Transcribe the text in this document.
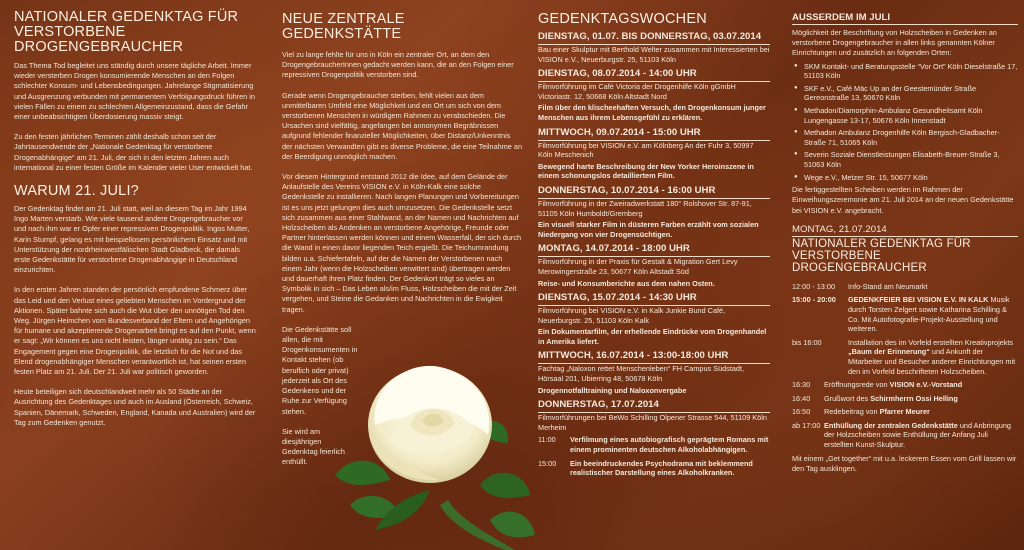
NATIONALER GEDENKTAG FÜR VERSTORBENE DROGENGEBRAUCHER

Das Thema Tod begleitet uns ständig durch unsere tägliche Arbeit. Immer wieder versterben Drogen konsumierende Menschen an den Folgen schlechter Konsum- und Lebensbedingungen. Jahrelange Stigmatisierung und Ausgrenzung verbunden mit permanentem Verfolgungsdruck führen in vielen Fällen zu einem zu schlechten Allgemeinzustand, dass die Gefahr einer unbeabsichtigten Überdosierung massiv steigt.

Zu den festen jährlichen Terminen zählt deshalb schon seit der Jahrtausendwende der „Nationale Gedenktag für verstorbene Drogenabhängige“ am 21. Juli, der sich in den letzten Jahren auch international zu einer festen Größe im Kalender vieler User entwickelt hat.

WARUM 21. JULI?

Der Gedenktag findet am 21. Juli statt, weil an diesem Tag im Jahr 1994 Ingo Marten verstarb. Wie viele tausend andere Drogengebraucher vor und nach ihm war er Opfer einer repressiven Drogenpolitik. Ingos Mutter, Karin Stumpf, gelang es mit beispiellosem persönlichem Einsatz und mit Unterstützung der nordrheinwestfälischen Stadt Gladbeck, die damals erste Gedenkstätte für verstorbene Drogenabhängige in Deutschland einzurichten.

In den ersten Jahren standen der persönlich empfundene Schmerz über das Leid und den Verlust eines geliebten Menschen im Vordergrund der Aktionen. Später bahnte sich auch die Wut über den unnötigen Tod den Weg. Jürgen Heimchen vom Bundesverband der Eltern und Angehörigen für humane und akzeptierende Drogenarbeit bringt es auf den Punkt, wenn er sagt: „Wir können es uns nicht leisten, länger untätig zu sein.“ Das Engagement gegen eine Drogenpolitik, die letztlich für die Not und das Elend drogenabhängiger Menschen verantwortlich ist, hat seinen ersten festen Platz am 21. Juli. Der 21. Juli war politisch geworden.

Heute beteiligen sich deutschlandweit mehr als 50 Städte an der Ausrichtung des Gedenktages und auch im Ausland (Österreich, Schweiz, Spanien, Dänemark, Schweden, England, Kanada und Australien) wird der Tag zum Gedenken genutzt.

NEUE ZENTRALE GEDENKSTÄTTE

Viel zu lange fehlte für uns in Köln ein zentraler Ort, an dem den DrogengebraucherInnen gedacht werden kann, die an den Folgen einer repressiven Drogenpolitik verstorben sind.

Gerade wenn Drogengebraucher sterben, fehlt vielen aus dem unmittelbaren Umfeld eine Möglichkeit und ein Ort um sich von dem verstorbenen Menschen in würdigem Rahmen zu verabschieden. Die Ursachen sind vielfältig, angefangen bei annonymen Begräbnissen aufgrund fehlender finanzieller Möglichkeiten, über Distanz/Unkenntnis der nächsten Verwandten gibt es diverse Probleme, die eine Teilnahme an der Beerdigung unmöglich machen.

Vor diesem Hintergrund entstand 2012 die Idee, auf dem Gelände der Anlaufstelle des Vereins VISION e.V. in Köln-Kalk eine solche Gedenkstelle zu installieren. Nach langen Planungen und Vorbereitungen ist es uns jetzt gelungen dies auch umzusetzen. Die Gedenkstelle setzt sich zusammen aus einer Stahlwand, an der Namen und Nachrichten auf Holzscheiben als Andenken an verstorbene Angehörige, Freunde oder Partner hinterlassen werden können und einem Wasserfall, der sich durch die Wand in einen davor liegenden Teich ergießt. Die Teichumrandung bilden u.a. Schiefertafeln, auf der die Namen der Verstorbenen nach einem Jahr (wenn die Holzscheiben verwittert sind) übertragen werden und dauerhaft ihren Platz finden. Der Gedenkort trägt so vieles an Symbolik in sich – Das Leben als/im Fluss, Holzscheiben die mit der Zeit vergehen, und Steine die Gedanken und Nachrichten in die Ewigkeit tragen.

Die Gedenkstätte soll allen, die mit Drogenkonsumenten in Kontakt stehen (ob beruflich oder privat) jederzeit als Ort des Gedenkens und der Ruhe zur Verfügung stehen.

Sie wird am diesjährigen Gedenktag feierlich enthüllt.

GEDENKTAGSWOCHEN
DIENSTAG, 01.07. BIS DONNERSTAG, 03.07.2014
Bau einer Skulptur mit Berthold Welter zusammen mit Interessierten bei VISION e.V., Neuerburgstr. 25, 51103 Köln
DIENSTAG, 08.07.2014 - 14:00 UHR
Filmvorführung im Café Victoria der Drogenhilfe Köln gGmbH Victoriastr. 12, 50668 Köln Altstadt Nord
Film über den klischeehaften Versuch, den Drogenkonsum junger Menschen aus ihrem Lebensgefühl zu erklären.
MITTWOCH, 09.07.2014 - 15:00 UHR
Filmvorführung bei VISION e.V. am Kölnberg An der Fuhr 3, 50997 Köln Meschenich
Bewegend harte Beschreibung der New Yorker Heroinszene in einem schonungslos detailliertem Film.
DONNERSTAG, 10.07.2014 - 16:00 UHR
Filmvorführung in der Zweiradwerkstatt 180° Rolshover Str. 87-91, 51105 Köln Humboldt/Gremberg
Ein visuell starker Film in düsteren Farben erzählt vom sozialen Niedergang von vier Drogensüchtigen.
MONTAG, 14.07.2014 - 18:00 UHR
Filmvorführung in der Praxis für Gestalt & Migration Gert Levy Merowingerstraße 23, 50677 Köln Altstadt Süd
Reise- und Konsumberichte aus dem nahen Osten.
DIENSTAG, 15.07.2014 - 14:30 UHR
Filmvorführung bei VISION e.V. in Kalk Junkie Bund Café, Neuerburgstr. 25, 51103 Köln Kalk
Ein Dokumentarfilm, der erhellende Eindrücke vom Drogenhandel in Amerika liefert.
MITTWOCH, 16.07.2014 - 13:00-18:00 UHR
Fachtag „Naloxon rettet Menschenleben“ FH Campus Südstadt, Hörsaal 201, Ubierring 48, 50678 Köln
Drogennotfalltraining und Naloxonvergabe
DONNERSTAG, 17.07.2014
Filmvorführungen bei BeWo Schilling Olpener Strasse 544, 51109 Köln Merheim
11:00	Verfilmung eines autobiografisch geprägtem Romans mit einem prominenten deutschen Alkoholabhängigen.
15:00	Ein beeindruckendes Psychodrama mit beklemmend realistischer Darstellung eines Alkoholkranken.
AUSSERDEM IM JULI

Möglichkeit der Beschriftung von Holzscheiben in Gedenken an verstorbene Drogengebraucher in allen links genannten Kölner Einrichtungen und zusätzlich an folgenden Orten:

● SKM Kontakt- und Beratungsstelle “Vor Ort” Köln Dieselstraße 17, 51103 Köln
● SKF e.V., Café Mäc Up an der Geestemünder Straße Gereonstraße 13, 50670 Köln
● Methadon/Diamorphin-Ambulanz Gesundheitsamt Köln Lungengasse 13-17, 50676 Köln Innenstadt
● Methadon Ambulanz Drogenhilfe Köln Bergisch-Gladbacher-Straße 71, 51065 Köln
● Severin Soziale Dienstleistungen Elisabeth-Breuer-Straße 3, 51063 Köln
● Wege e.V., Metzer Str. 15, 50677 Köln

Die fertiggestellten Scheiben werden im Rahmen der Einweihungszeremonie am 21. Juli 2014 an der neuen Gedenkstätte bei VISION e.V. angebracht.

MONTAG, 21.07.2014
NATIONALER GEDENKTAG FÜR VERSTORBENE DROGENGEBRAUCHER
12:00 - 13:00	Info-Stand am Neumarkt
15:00 - 20:00	GEDENKFEIER BEI VISION E.V. IN KALK Musik durch Torsten Zelgert sowie Katharina Schilling & Co. Mit Autofotografie-Projekt-Ausstellung und weiteren.
bis 16:00	Installation des im Vorfeld erstellten Kreativprojekts „Baum der Erinnerung“ und Ankunft der Mitarbeiter und Besucher anderer Einrichtungen mit den im Vorfeld beschrifteten Holzscheiben.
16:30	Eröffnungsrede von VISION e.V.-Vorstand
16:40	Grußwort des Schirmherrn Ossi Helling
16:50	Redebeitrag von Pfarrer Meurer
ab 17:00 Enthüllung der zentralen Gedenkstätte und Anbringung der Holzscheiben sowie Enthüllung der Anfang Juli erstellten Kunst-Skulptur.

Mit einem „Get together“ mit u.a. leckerem Essen vom Grill lassen wir den Tag ausklingen.
